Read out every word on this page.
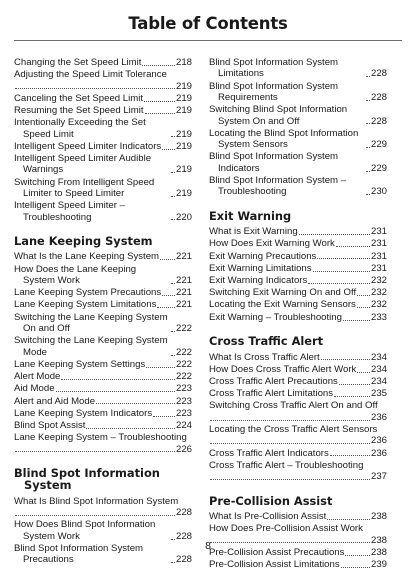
Table of Contents
Changing the Set Speed Limit	218
Adjusting the Speed Limit Tolerance
219
Canceling the Set Speed Limit	219
Resuming the Set Speed Limit	219
Intentionally Exceeding the Set Speed Limit	219
Intelligent Speed Limiter Indicators 219
Intelligent Speed Limiter Audible Warnings	219
Switching From Intelligent Speed Limiter to Speed Limiter	219
Intelligent Speed Limiter – Troubleshooting	220
Lane Keeping System
What Is the Lane Keeping System 221
How Does the Lane Keeping System Work	221
Lane Keeping System Precautions 221
Lane Keeping System Limitations 221
Switching the Lane Keeping System On and Off	222
Switching the Lane Keeping System Mode	222
Lane Keeping System Settings	222
Alert Mode	222
Aid Mode	223
Alert and Aid Mode	223
Lane Keeping System Indicators 223
Blind Spot Assist	224
Lane Keeping System – Troubleshooting
226
Blind Spot Information
System
What Is Blind Spot Information System
228
How Does Blind Spot Information System Work	228
Blind Spot Information System Precautions	228
Blind Spot Information System Limitations	228
Blind Spot Information System Requirements	228
Switching Blind Spot Information System On and Off	228
Locating the Blind Spot Information System Sensors	229
Blind Spot Information System Indicators	229
Blind Spot Information System – Troubleshooting	230
Exit Warning
What is Exit Warning	231
How Does Exit Warning Work	231
Exit Warning Precautions	231
Exit Warning Limitations	231
Exit Warning Indicators	232
Switching Exit Warning On and Off 232
Locating the Exit Warning Sensors 232
Exit Warning – Troubleshooting	233
Cross Traffic Alert
What Is Cross Traffic Alert	234
How Does Cross Traffic Alert Work 234
Cross Traffic Alert Precautions	234
Cross Traffic Alert Limitations	235
Switching Cross Traffic Alert On and Off
236
Locating the Cross Traffic Alert Sensors
236
Cross Traffic Alert Indicators	236
Cross Traffic Alert – Troubleshooting
237
Pre-Collision Assist
What Is Pre-Collision Assist	238
How Does Pre-Collision Assist Work
238
Pre-Collision Assist Precautions	238
Pre-Collision Assist Limitations	239
8
